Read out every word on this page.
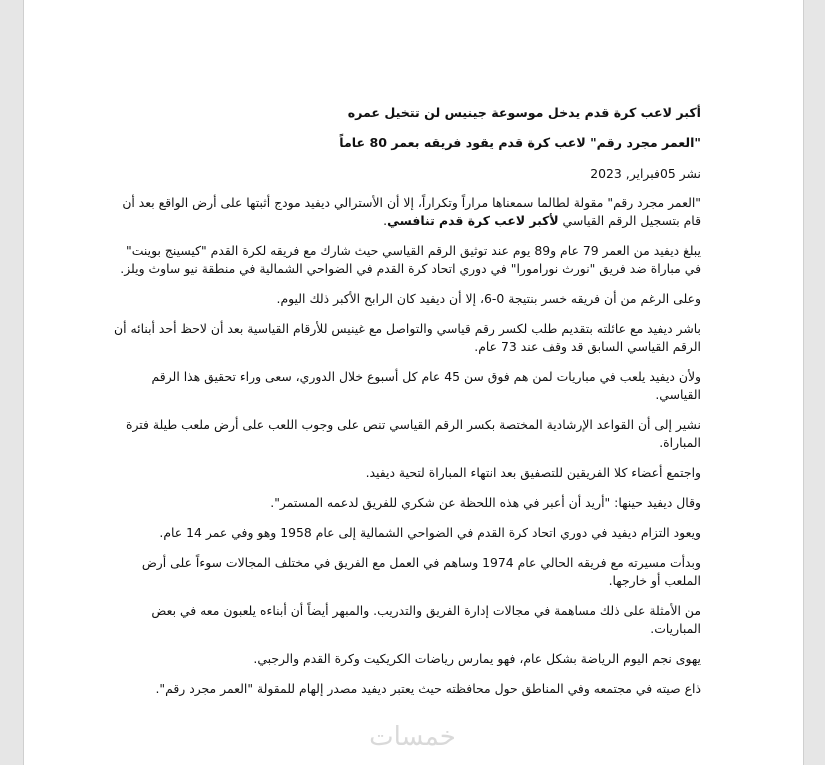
أكبر لاعب كرة قدم يدخل موسوعة جينيس لن تتخيل عمره
"العمر مجرد رقم" لاعب كرة قدم يقود فريقه بعمر 80 عاماً

نشر 05فبراير, 2023

"العمر مجرد رقم" مقولة لطالما سمعناها مراراً وتكراراً، إلا أن الأسترالي ديفيد مودج أثبتها على أرض الواقع بعد أن قام بتسجيل الرقم القياسي لأكبر لاعب كرة قدم تنافسي.

يبلغ ديفيد من العمر 79 عام و89 يوم عند توثيق الرقم القياسي حيث شارك مع فريقه لكرة القدم "كيسينج بوينت" في مباراة ضد فريق "نورث نورامورا" في دوري اتحاد كرة القدم في الضواحي الشمالية في منطقة نيو ساوث ويلز.

وعلى الرغم من أن فريقه خسر بنتيجة 0-6، إلا أن ديفيد كان الرابح الأكبر ذلك اليوم.

باشر ديفيد مع عائلته بتقديم طلب لكسر رقم قياسي والتواصل مع غينيس للأرقام القياسية بعد أن لاحظ أحد أبنائه أن الرقم القياسي السابق قد وقف عند 73 عام.

ولأن ديفيد يلعب في مباريات لمن هم فوق سن 45 عام كل أسبوع خلال الدوري، سعى وراء تحقيق هذا الرقم القياسي.

نشير إلى أن القواعد الإرشادية المختصة بكسر الرقم القياسي تنص على وجوب اللعب على أرض ملعب طيلة فترة المباراة.

واجتمع أعضاء كلا الفريقين للتصفيق بعد انتهاء المباراة لتحية ديفيد.

وقال ديفيد حينها: "أريد أن أعبر في هذه اللحظة عن شكري للفريق لدعمه المستمر".

ويعود التزام ديفيد في دوري اتحاد كرة القدم في الضواحي الشمالية إلى عام 1958 وهو وفي عمر 14 عام.

وبدأت مسيرته مع فريقه الحالي عام 1974 وساهم في العمل مع الفريق في مختلف المجالات سوءاً على أرض الملعب أو خارجها.

من الأمثلة على ذلك مساهمة في مجالات إدارة الفريق والتدريب. والمبهر أيضاً أن أبناءه يلعبون معه في بعض المباريات.

يهوى نجم اليوم الرياضة بشكل عام، فهو يمارس رياضات الكريكيت وكرة القدم والرجبي.

ذاع صيته في مجتمعه وفي المناطق حول محافظته حيث يعتبر ديفيد مصدر إلهام للمقولة "العمر مجرد رقم".

خمسات
